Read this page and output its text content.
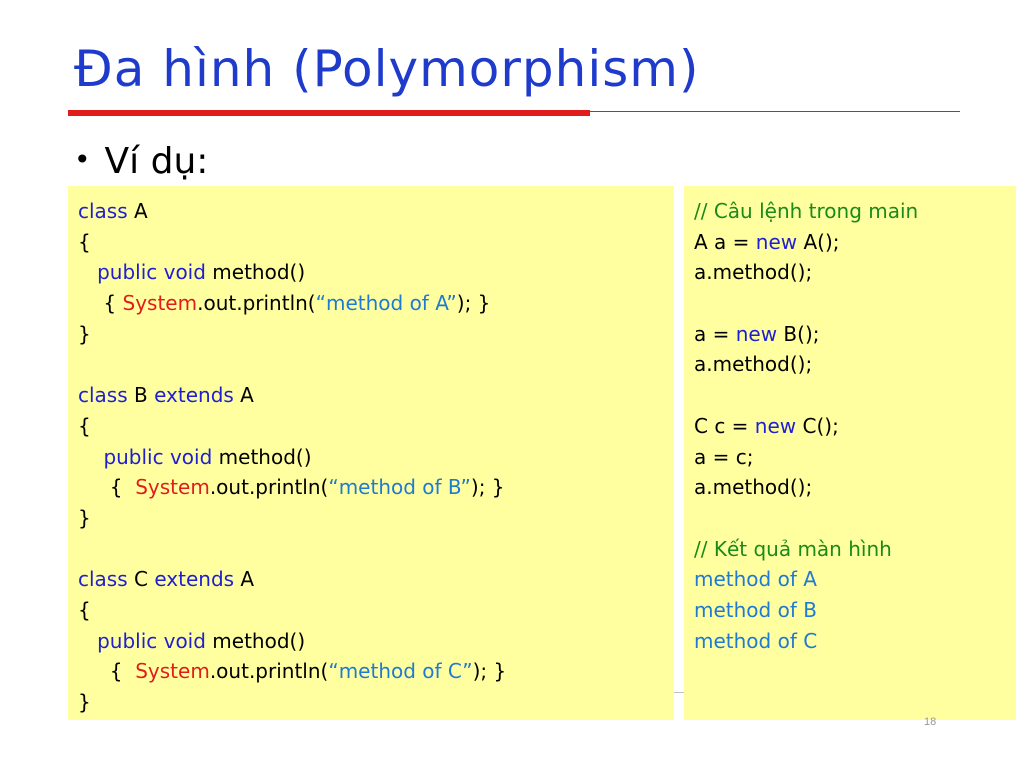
Đa hình (Polymorphism)
• Ví dụ:
class A
{
public void method()
{ System.out.println(“method of A”); }
}
class B extends A
{
public void method()
{  System.out.println(“method of B”); }
}
class C extends A
{
public void method()
{  System.out.println(“method of C”); }
}
// Câu lệnh trong main
A a = new A();
a.method();
a = new B();
a.method();
C c = new C();
a = c;
a.method();
// Kết quả màn hình
method of A
method of B
method of C
18
